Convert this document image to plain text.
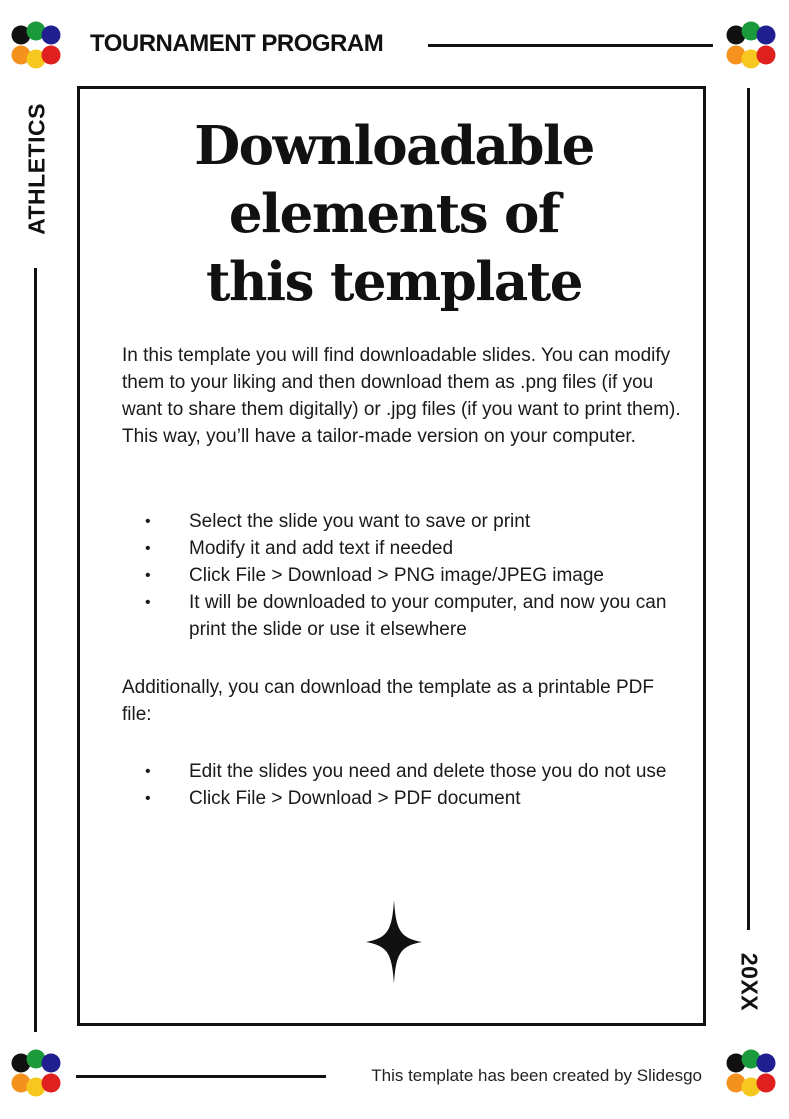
TOURNAMENT PROGRAM
ATHLETICS
20XX
Downloadable
elements of
this template

In this template you will find downloadable slides. You can modify them to your liking and then download them as .png files (if you want to share them digitally) or .jpg files (if you want to print them). This way, you’ll have a tailor-made version on your computer.

• Select the slide you want to save or print
• Modify it and add text if needed
• Click File > Download > PNG image/JPEG image
• It will be downloaded to your computer, and now you can print the slide or use it elsewhere

Additionally, you can download the template as a printable PDF file:

• Edit the slides you need and delete those you do not use
• Click File > Download > PDF document
This template has been created by Slidesgo
